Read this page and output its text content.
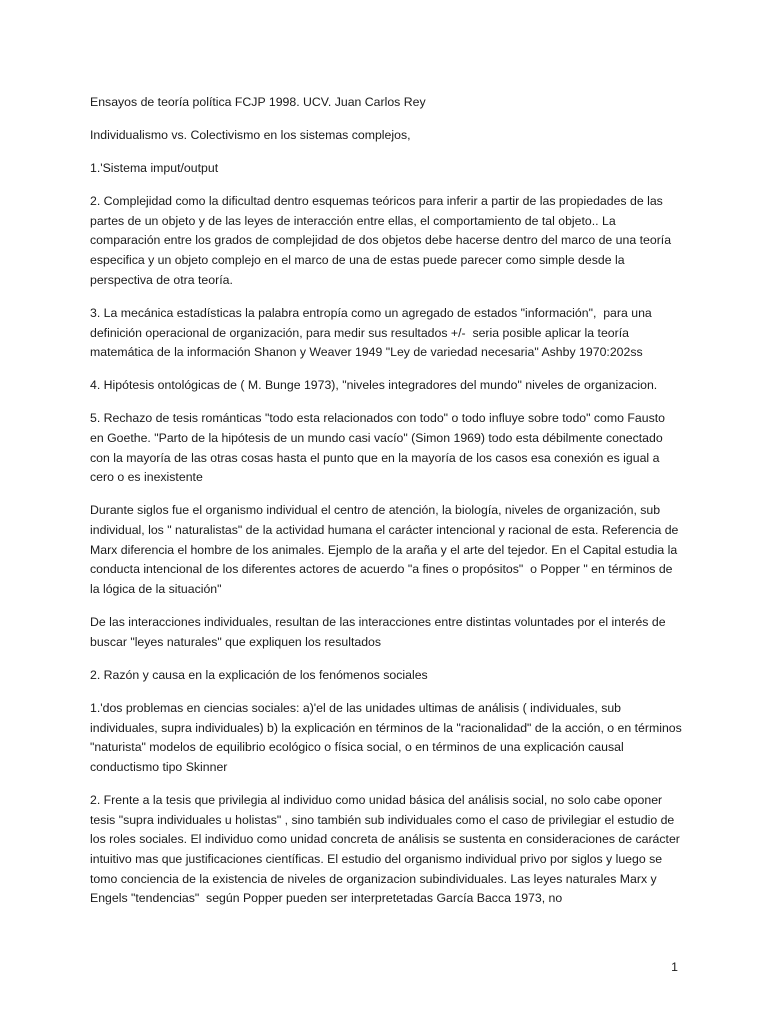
Ensayos de teoría política FCJP 1998. UCV. Juan Carlos Rey

Individualismo vs. Colectivismo en los sistemas complejos,

1.'Sistema imput/output

2. Complejidad como la dificultad dentro esquemas teóricos para inferir a partir de las propiedades de las partes de un objeto y de las leyes de interacción entre ellas, el comportamiento de tal objeto.. La comparación entre los grados de complejidad de dos objetos debe hacerse dentro del marco de una teoría especifica y un objeto complejo en el marco de una de estas puede parecer como simple desde la perspectiva de otra teoría.

3. La mecánica estadísticas la palabra entropía como un agregado de estados "información",  para una definición operacional de organización, para medir sus resultados +/-  seria posible aplicar la teoría matemática de la información Shanon y Weaver 1949 "Ley de variedad necesaria" Ashby 1970:202ss

4. Hipótesis ontológicas de ( M. Bunge 1973), "niveles integradores del mundo" niveles de organizacion.

5. Rechazo de tesis románticas "todo esta relacionados con todo" o todo influye sobre todo" como Fausto en Goethe. "Parto de la hipótesis de un mundo casi vacío" (Simon 1969) todo esta débilmente conectado con la mayoría de las otras cosas hasta el punto que en la mayoría de los casos esa conexión es igual a cero o es inexistente

Durante siglos fue el organismo individual el centro de atención, la biología, niveles de organización, sub individual, los " naturalistas" de la actividad humana el carácter intencional y racional de esta. Referencia de Marx diferencia el hombre de los animales. Ejemplo de la araña y el arte del tejedor. En el Capital estudia la conducta intencional de los diferentes actores de acuerdo "a fines o propósitos"  o Popper " en términos de la lógica de la situación"

De las interacciones individuales, resultan de las interacciones entre distintas voluntades por el interés de buscar "leyes naturales" que expliquen los resultados

2. Razón y causa en la explicación de los fenómenos sociales

1.'dos problemas en ciencias sociales: a)'el de las unidades ultimas de análisis ( individuales, sub individuales, supra individuales) b) la explicación en términos de la "racionalidad" de la acción, o en términos "naturista" modelos de equilibrio ecológico o física social, o en términos de una explicación causal conductismo tipo Skinner

2. Frente a la tesis que privilegia al individuo como unidad básica del análisis social, no solo cabe oponer tesis "supra individuales u holistas" , sino también sub individuales como el caso de privilegiar el estudio de los roles sociales. El individuo como unidad concreta de análisis se sustenta en consideraciones de carácter intuitivo mas que justificaciones científicas. El estudio del organismo individual privo por siglos y luego se tomo conciencia de la existencia de niveles de organizacion subindividuales. Las leyes naturales Marx y Engels "tendencias"  según Popper pueden ser interpretetadas García Bacca 1973, no

1
